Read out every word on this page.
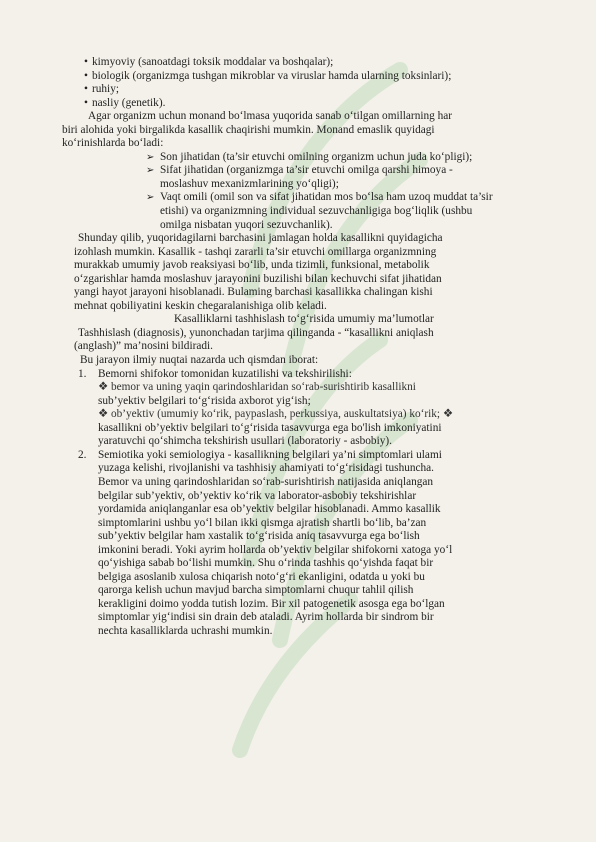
• kimyoviy (sanoatdagi toksik moddalar va boshqalar);
• biologik (organizmga tushgan mikroblar va viruslar hamda ularning toksinlari);
• ruhiy;
• nasliy (genetik).

Agar organizm uchun monand bo‘lmasa yuqorida sanab o‘tilgan omillarning har

biri alohida yoki birgalikda kasallik chaqirishi mumkin. Monand emaslik quyidagi

ko‘rinishlarda bo‘ladi:

➢ Son jihatidan (ta’sir etuvchi omilning organizm uchun juda ko‘pligi);
➢ Sifat jihatidan (organizmga ta’sir etuvchi omilga qarshi himoya -
moslashuv mexanizmlarining yo‘qligi);
➢ Vaqt omili (omil son va sifat jihatidan mos bo‘lsa ham uzoq muddat ta’sir
etishi) va organizmning individual sezuvchanligiga bog‘liqlik (ushbu
omilga nisbatan yuqori sezuvchanlik).

Shunday qilib, yuqoridagilarni barchasini jamlagan holda kasallikni quyidagicha

izohlash mumkin. Kasallik - tashqi zararli ta’sir etuvchi omillarga organizmning

murakkab umumiy javob reaksiyasi bo‘lib, unda tizimli, funksional, metabolik

o‘zgarishlar hamda moslashuv jarayonini buzilishi bilan kechuvchi sifat jihatidan

yangi hayot jarayoni hisoblanadi. Bulaming barchasi kasallikka chalingan kishi

mehnat qobiliyatini keskin chegaralanishiga olib keladi.

Kasalliklarni tashhislash to‘g‘risida umumiy ma’lumotlar

Tashhislash (diagnosis), yunonchadan tarjima qilinganda - “kasallikni aniqlash

(anglash)” ma’nosini bildiradi.

Bu jarayon ilmiy nuqtai nazarda uch qismdan iborat:

1.	Bemorni shifokor tomonidan kuzatilishi va tekshirilishi:
❖ bemor va uning yaqin qarindoshlaridan so‘rab-surishtirib kasallikni
sub’yektiv belgilari to‘g‘risida axborot yig‘ish;
❖ ob’yektiv (umumiy ko‘rik, paypaslash, perkussiya, auskultatsiya) ko‘rik; ❖
kasallikni ob’yektiv belgilari to‘g‘risida tasavvurga ega bo'lish imkoniyatini
yaratuvchi qo‘shimcha tekshirish usullari (laboratoriy - asbobiy).
2.	Semiotika yoki semiologiya - kasallikning belgilari ya’ni simptomlari ulami
yuzaga kelishi, rivojlanishi va tashhisiy ahamiyati to‘g‘risidagi tushuncha.
Bemor va uning qarindoshlaridan so‘rab-surishtirish natijasida aniqlangan
belgilar sub’yektiv, ob’yektiv ko‘rik va laborator-asbobiy tekshirishlar
yordamida aniqlanganlar esa ob’yektiv belgilar hisoblanadi. Ammo kasallik
simptomlarini ushbu yo‘l bilan ikki qismga ajratish shartli bo‘lib, ba’zan
sub’yektiv belgilar ham xastalik to‘g‘risida aniq tasavvurga ega bo‘lish
imkonini beradi. Yoki ayrim hollarda ob’yektiv belgilar shifokorni xatoga yo‘l
qo‘yishiga sabab bo‘lishi mumkin. Shu o‘rinda tashhis qo‘yishda faqat bir
belgiga asoslanib xulosa chiqarish noto‘g‘ri ekanligini, odatda u yoki bu
qarorga kelish uchun mavjud barcha simptomlarni chuqur tahlil qilish
kerakligini doimo yodda tutish lozim. Bir xil patogenetik asosga ega bo‘lgan
simptomlar yig‘indisi sin drain deb ataladi. Ayrim hollarda bir sindrom bir
nechta kasalliklarda uchrashi mumkin.
